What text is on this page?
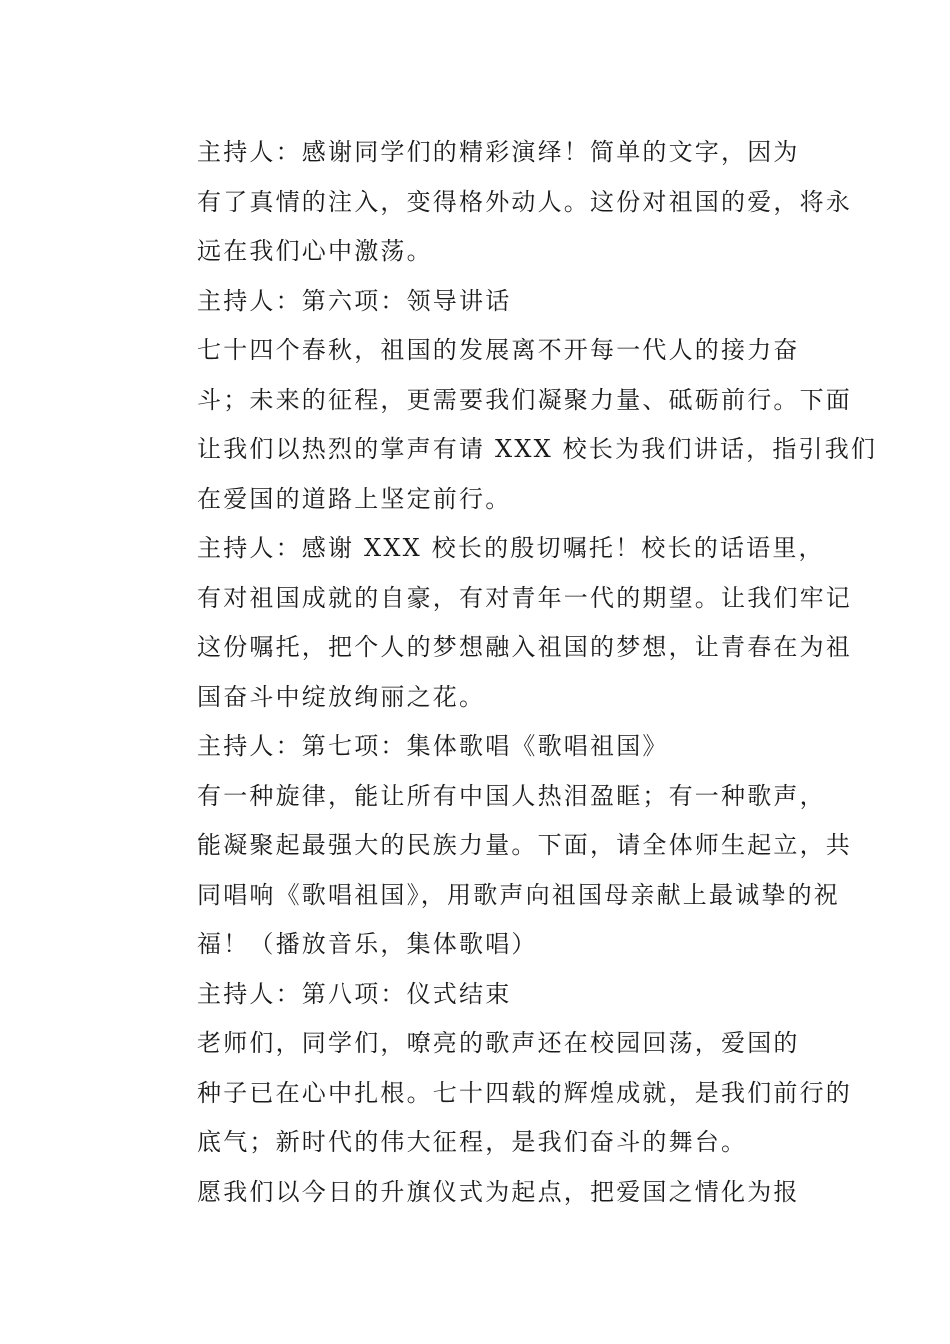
主持人：感谢同学们的精彩演绎！简单的文字，因为
有了真情的注入，变得格外动人。这份对祖国的爱，将永
远在我们心中激荡。

主持人：第六项：领导讲话

七十四个春秋，祖国的发展离不开每一代人的接力奋
斗；未来的征程，更需要我们凝聚力量、砥砺前行。下面
让我们以热烈的掌声有请 XXX 校长为我们讲话，指引我们
在爱国的道路上坚定前行。

主持人：感谢 XXX 校长的殷切嘱托！校长的话语里，
有对祖国成就的自豪，有对青年一代的期望。让我们牢记
这份嘱托，把个人的梦想融入祖国的梦想，让青春在为祖
国奋斗中绽放绚丽之花。

主持人：第七项：集体歌唱《歌唱祖国》

有一种旋律，能让所有中国人热泪盈眶；有一种歌声，
能凝聚起最强大的民族力量。下面，请全体师生起立，共
同唱响《歌唱祖国》，用歌声向祖国母亲献上最诚挚的祝
福！（播放音乐，集体歌唱）

主持人：第八项：仪式结束

老师们，同学们，嘹亮的歌声还在校园回荡，爱国的
种子已在心中扎根。七十四载的辉煌成就，是我们前行的
底气；新时代的伟大征程，是我们奋斗的舞台。

愿我们以今日的升旗仪式为起点，把爱国之情化为报
